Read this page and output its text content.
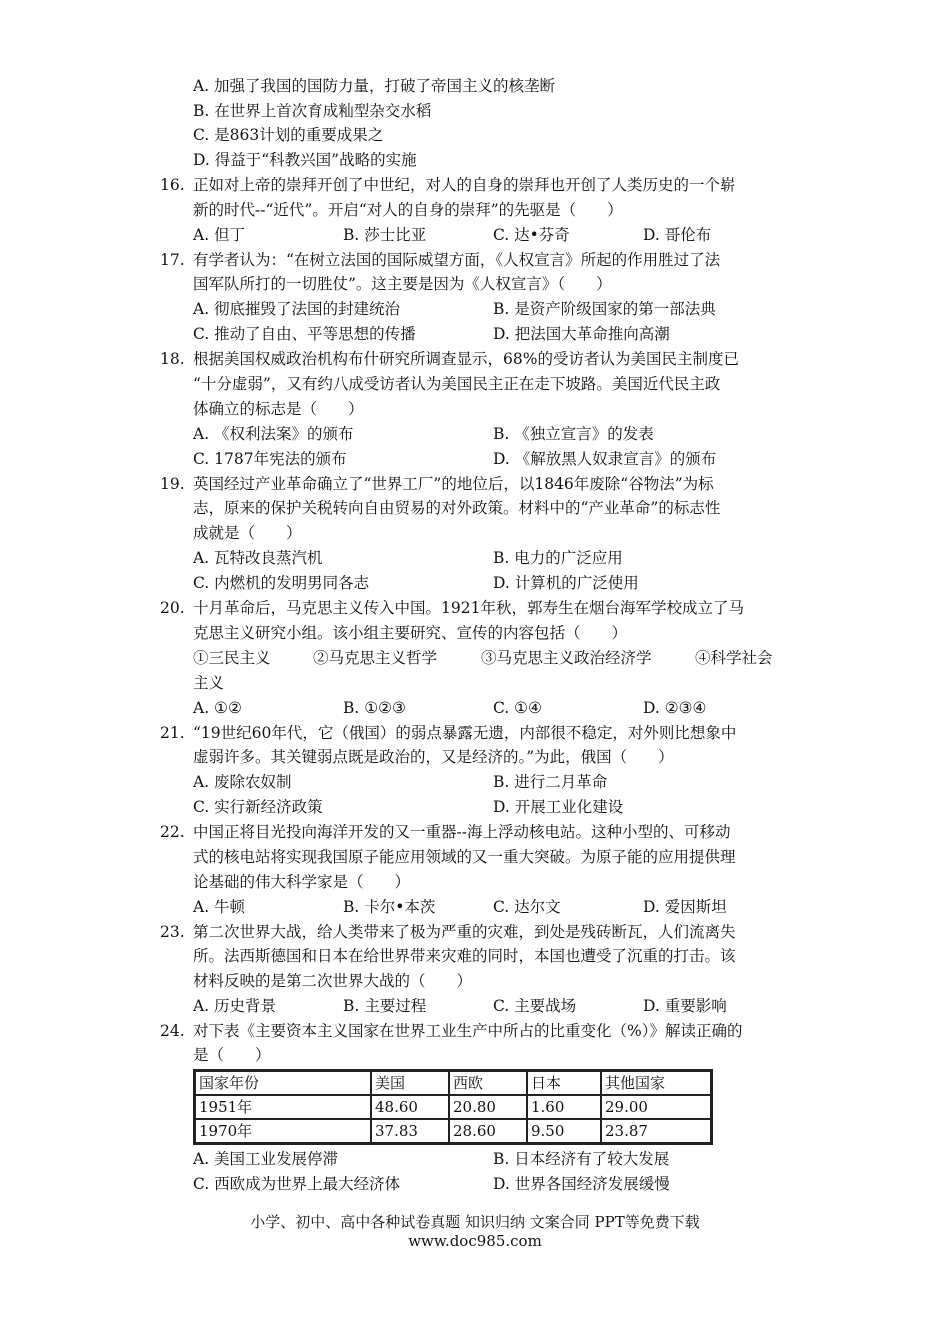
A. 加强了我国的国防力量，打破了帝国主义的核垄断
B. 在世界上首次育成籼型杂交水稻
C. 是863计划的重要成果之
D. 得益于“科教兴国”战略的实施
16. 正如对上帝的崇拜开创了中世纪，对人的自身的崇拜也开创了人类历史的一个崭
新的时代--“近代”。开启“对人的自身的崇拜”的先驱是（　　）
A. 但丁	B. 莎士比亚	C. 达•芬奇	D. 哥伦布
17. 有学者认为：“在树立法国的国际威望方面，《人权宣言》所起的作用胜过了法
国军队所打的一切胜仗”。这主要是因为《人权宣言》（　　）
A. 彻底摧毁了法国的封建统治	B. 是资产阶级国家的第一部法典
C. 推动了自由、平等思想的传播	D. 把法国大革命推向高潮
18. 根据美国权威政治机构布什研究所调查显示，68%的受访者认为美国民主制度已
“十分虚弱”，又有约八成受访者认为美国民主正在走下坡路。美国近代民主政
体确立的标志是（　　）
A. 《权利法案》的颁布	B. 《独立宣言》的发表
C. 1787年宪法的颁布	D. 《解放黑人奴隶宣言》的颁布
19. 英国经过产业革命确立了“世界工厂”的地位后，以1846年废除“谷物法”为标
志，原来的保护关税转向自由贸易的对外政策。材料中的“产业革命”的标志性
成就是（　　）
A. 瓦特改良蒸汽机	B. 电力的广泛应用
C. 内燃机的发明男同各志	D. 计算机的广泛使用
20. 十月革命后，马克思主义传入中国。1921年秋，郭寿生在烟台海军学校成立了马
克思主义研究小组。该小组主要研究、宣传的内容包括（　　）
①三民主义	②马克思主义哲学	③马克思主义政治经济学	④科学社会
主义
A. ①②	B. ①②③	C. ①④	D. ②③④
21. “19世纪60年代，它（俄国）的弱点暴露无遗，内部很不稳定，对外则比想象中
虚弱许多。其关键弱点既是政治的，又是经济的。”为此，俄国（　　）
A. 废除农奴制	B. 进行二月革命
C. 实行新经济政策	D. 开展工业化建设
22. 中国正将目光投向海洋开发的又一重器--海上浮动核电站。这种小型的、可移动
式的核电站将实现我国原子能应用领域的又一重大突破。为原子能的应用提供理
论基础的伟大科学家是（　　）
A. 牛顿	B. 卡尔•本茨	C. 达尔文	D. 爱因斯坦
23. 第二次世界大战，给人类带来了极为严重的灾难，到处是残砖断瓦，人们流离失
所。法西斯德国和日本在给世界带来灾难的同时，本国也遭受了沉重的打击。该
材料反映的是第二次世界大战的（　　）
A. 历史背景	B. 主要过程	C. 主要战场	D. 重要影响
24. 对下表《主要资本主义国家在世界工业生产中所占的比重变化（%）》解读正确的
是（　　）
国家年份	美国	西欧	日本	其他国家
1951年	48.60	20.80	1.60	29.00
1970年	37.83	28.60	9.50	23.87
A. 美国工业发展停滞	B. 日本经济有了较大发展
C. 西欧成为世界上最大经济体	D. 世界各国经济发展缓慢
小学、初中、高中各种试卷真题 知识归纳 文案合同 PPT等免费下载
www.doc985.com
